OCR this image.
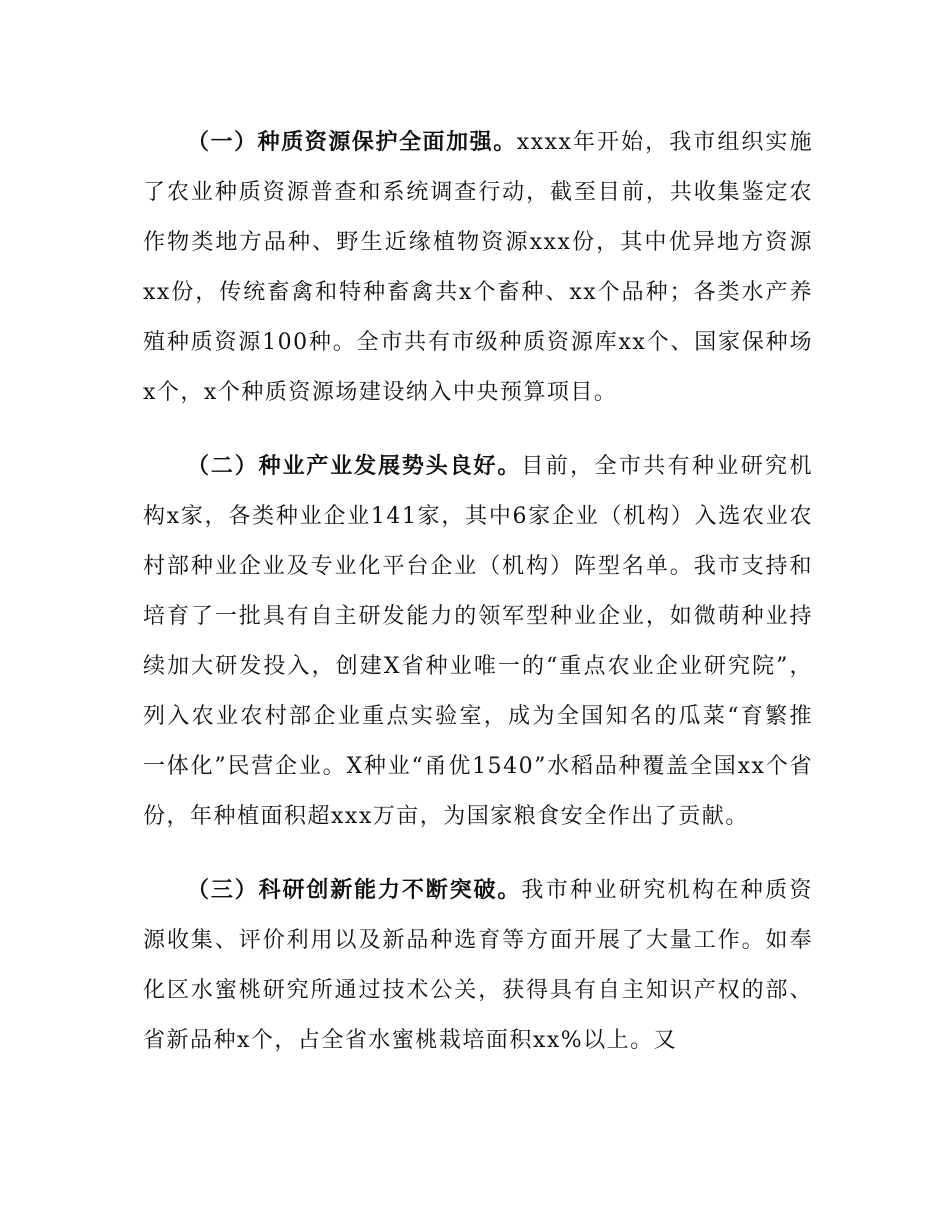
（一）种质资源保护全面加强。xxxx年开始，我市组织实施了农业种质资源普查和系统调查行动，截至目前，共收集鉴定农作物类地方品种、野生近缘植物资源xxx份，其中优异地方资源xx份，传统畜禽和特种畜禽共x个畜种、xx个品种；各类水产养殖种质资源100种。全市共有市级种质资源库xx个、国家保种场x个，x个种质资源场建设纳入中央预算项目。

（二）种业产业发展势头良好。目前，全市共有种业研究机构x家，各类种业企业141家，其中6家企业（机构）入选农业农村部种业企业及专业化平台企业（机构）阵型名单。我市支持和培育了一批具有自主研发能力的领军型种业企业，如微萌种业持续加大研发投入，创建X省种业唯一的“重点农业企业研究院”，列入农业农村部企业重点实验室，成为全国知名的瓜菜“育繁推一体化”民营企业。X种业“甬优1540”水稻品种覆盖全国xx个省份，年种植面积超xxx万亩，为国家粮食安全作出了贡献。

（三）科研创新能力不断突破。我市种业研究机构在种质资源收集、评价利用以及新品种选育等方面开展了大量工作。如奉化区水蜜桃研究所通过技术公关，获得具有自主知识产权的部、省新品种x个，占全省水蜜桃栽培面积xx%以上。又
